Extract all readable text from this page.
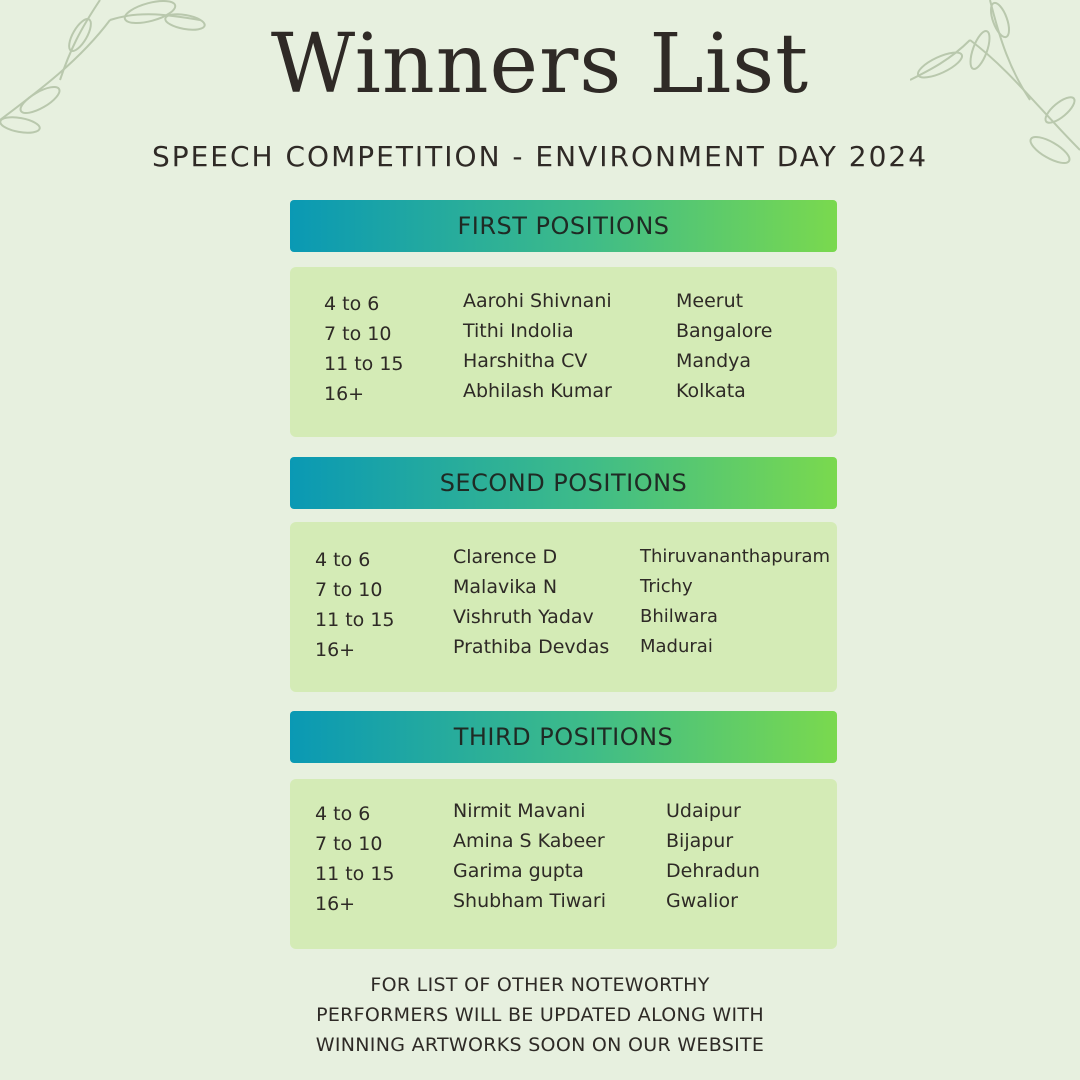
Winners List
SPEECH COMPETITION - ENVIRONMENT DAY 2024
FIRST POSITIONS
4 to 6
7 to 10
11 to 15
16+
Aarohi Shivnani
Tithi Indolia
Harshitha CV
Abhilash Kumar
Meerut
Bangalore
Mandya
Kolkata
SECOND POSITIONS
4 to 6
7 to 10
11 to 15
16+
Clarence D
Malavika N
Vishruth Yadav
Prathiba Devdas
Thiruvananthapuram
Trichy
Bhilwara
Madurai
THIRD POSITIONS
4 to 6
7 to 10
11 to 15
16+
Nirmit Mavani
Amina S Kabeer
Garima gupta
Shubham Tiwari
Udaipur
Bijapur
Dehradun
Gwalior
FOR LIST OF OTHER NOTEWORTHY
PERFORMERS WILL BE UPDATED ALONG WITH
WINNING ARTWORKS SOON ON OUR WEBSITE
